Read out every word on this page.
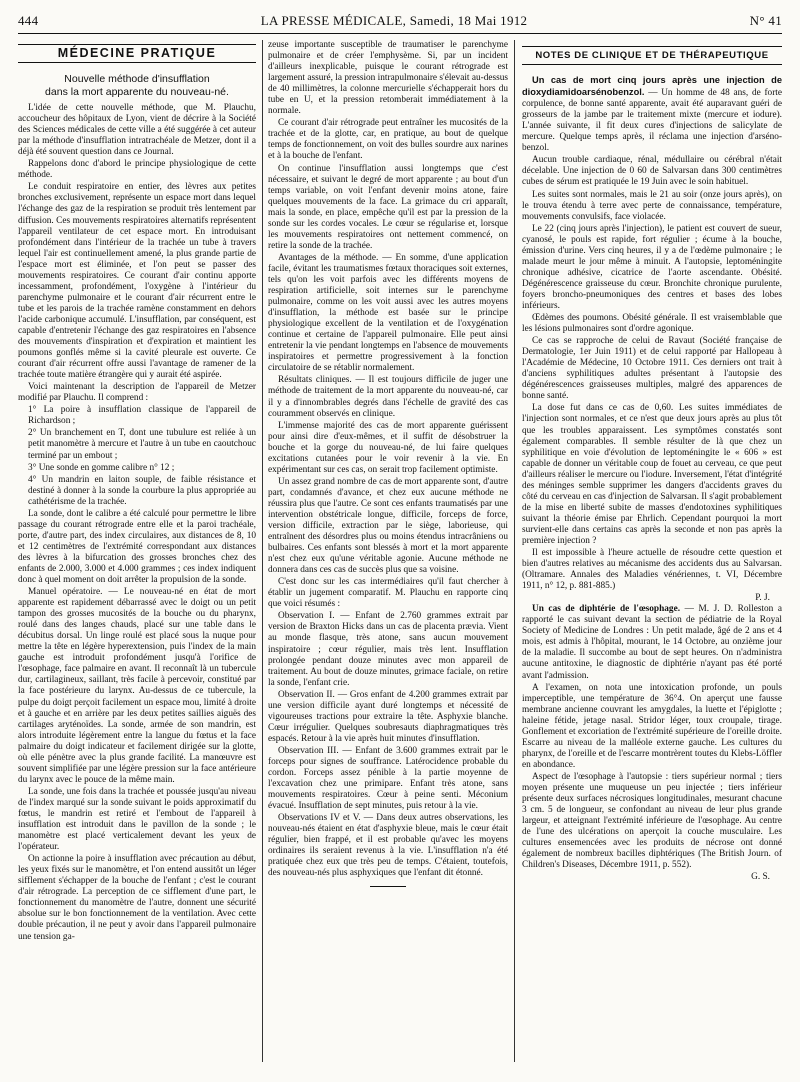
444	LA PRESSE MÉDICALE, Samedi, 18 Mai 1912	N° 41
MÉDECINE PRATIQUE
Nouvelle méthode d'insufflation
dans la mort apparente du nouveau-né.

L'idée de cette nouvelle méthode, que M. Plauchu, accoucheur des hôpitaux de Lyon, vient de décrire à la Société des Sciences médicales de cette ville a été suggérée à cet auteur par la méthode d'insufflation intratrachéale de Metzer, dont il a déjà été souvent question dans ce Journal.

Rappelons donc d'abord le principe physiologique de cette méthode.

Le conduit respiratoire en entier, des lèvres aux petites bronches exclusivement, représente un espace mort dans lequel l'échange des gaz de la respiration se produit très lentement par diffusion. Ces mouvements respiratoires alternatifs représentent l'appareil ventilateur de cet espace mort. En introduisant profondément dans l'intérieur de la trachée un tube à travers lequel l'air est continuellement amené, la plus grande partie de l'espace mort est éliminée, et l'on peut se passer des mouvements respiratoires. Ce courant d'air continu apporte incessamment, profondément, l'oxygène à l'intérieur du parenchyme pulmonaire et le courant d'air récurrent entre le tube et les parois de la trachée ramène constamment en dehors l'acide carbonique accumulé. L'insufflation, par conséquent, est capable d'entretenir l'échange des gaz respiratoires en l'absence des mouvements d'inspiration et d'expiration et maintient les poumons gonflés même si la cavité pleurale est ouverte. Ce courant d'air récurrent offre aussi l'avantage de ramener de la trachée toute matière étrangère qui y aurait été aspirée.

Voici maintenant la description de l'appareil de Metzer modifié par Plauchu. Il comprend :

1° La poire à insufflation classique de l'appareil de Richardson ;

2° Un branchement en T, dont une tubulure est reliée à un petit manomètre à mercure et l'autre à un tube en caoutchouc terminé par un embout ;

3° Une sonde en gomme calibre n° 12 ;

4° Un mandrin en laiton souple, de faible résistance et destiné à donner à la sonde la courbure la plus appropriée au cathétérisme de la trachée.

La sonde, dont le calibre a été calculé pour permettre le libre passage du courant rétrograde entre elle et la paroi trachéale, porte, d'autre part, des index circulaires, aux distances de 8, 10 et 12 centimètres de l'extrémité correspondant aux distances des lèvres à la bifurcation des grosses bronches chez des enfants de 2.000, 3.000 et 4.000 grammes ; ces index indiquent donc à quel moment on doit arrêter la propulsion de la sonde.

Manuel opératoire. — Le nouveau-né en état de mort apparente est rapidement débarrassé avec le doigt ou un petit tampon des grosses mucosités de la bouche ou du pharynx, roulé dans des langes chauds, placé sur une table dans le décubitus dorsal. Un linge roulé est placé sous la nuque pour mettre la tête en légère hyperextension, puis l'index de la main gauche est introduit profondément jusqu'à l'orifice de l'œsophage, face palmaire en avant. Il reconnaît là un tubercule dur, cartilagineux, saillant, très facile à percevoir, constitué par la face postérieure du larynx. Au-dessus de ce tubercule, la pulpe du doigt perçoit facilement un espace mou, limité à droite et à gauche et en arrière par les deux petites saillies aiguës des cartilages aryténoïdes. La sonde, armée de son mandrin, est alors introduite légèrement entre la langue du fœtus et la face palmaire du doigt indicateur et facilement dirigée sur la glotte, où elle pénètre avec la plus grande facilité. La manœuvre est souvent simplifiée par une légère pression sur la face antérieure du larynx avec le pouce de la même main.

La sonde, une fois dans la trachée et poussée jusqu'au niveau de l'index marqué sur la sonde suivant le poids approximatif du fœtus, le mandrin est retiré et l'embout de l'appareil à insufflation est introduit dans le pavillon de la sonde ; le manomètre est placé verticalement devant les yeux de l'opérateur.

On actionne la poire à insufflation avec précaution au début, les yeux fixés sur le manomètre, et l'on entend aussitôt un léger sifflement s'échapper de la bouche de l'enfant ; c'est le courant d'air rétrograde. La perception de ce sifflement d'une part, le fonctionnement du manomètre de l'autre, donnent une sécurité absolue sur le bon fonctionnement de la ventilation. Avec cette double précaution, il ne peut y avoir dans l'appareil pulmonaire une tension ga-

zeuse importante susceptible de traumatiser le parenchyme pulmonaire et de créer l'emphysème. Si, par un incident d'ailleurs inexplicable, puisque le courant rétrograde est largement assuré, la pression intrapulmonaire s'élevait au-dessus de 40 millimètres, la colonne mercurielle s'échapperait hors du tube en U, et la pression retomberait immédiatement à la normale.

Ce courant d'air rétrograde peut entraîner les mucosités de la trachée et de la glotte, car, en pratique, au bout de quelque temps de fonctionnement, on voit des bulles sourdre aux narines et à la bouche de l'enfant.

On continue l'insufflation aussi longtemps que c'est nécessaire, et suivant le degré de mort apparente ; au bout d'un temps variable, on voit l'enfant devenir moins atone, faire quelques mouvements de la face. La grimace du cri apparaît, mais la sonde, en place, empêche qu'il est par la pression de la sonde sur les cordes vocales. Le cœur se régularise et, lorsque les mouvements respiratoires ont nettement commencé, on retire la sonde de la trachée.

Avantages de la méthode. — En somme, d'une application facile, évitant les traumatismes fœtaux thoraciques soit externes, tels qu'on les voit parfois avec les différents moyens de respiration artificielle, soit internes sur le parenchyme pulmonaire, comme on les voit aussi avec les autres moyens d'insufflation, la méthode est basée sur le principe physiologique excellent de la ventilation et de l'oxygénation continue et certaine de l'appareil pulmonaire. Elle peut ainsi entretenir la vie pendant longtemps en l'absence de mouvements inspiratoires et permettre progressivement à la fonction circulatoire de se rétablir normalement.

Résultats cliniques. — Il est toujours difficile de juger une méthode de traitement de la mort apparente du nouveau-né, car il y a d'innombrables degrés dans l'échelle de gravité des cas couramment observés en clinique.

L'immense majorité des cas de mort apparente guérissent pour ainsi dire d'eux-mêmes, et il suffit de désobstruer la bouche et la gorge du nouveau-né, de lui faire quelques excitations cutanées pour le voir revenir à la vie. En expérimentant sur ces cas, on serait trop facilement optimiste.

Un assez grand nombre de cas de mort apparente sont, d'autre part, condamnés d'avance, et chez eux aucune méthode ne réussira plus que l'autre. Ce sont ces enfants traumatisés par une intervention obstétricale longue, difficile, forceps de force, version difficile, extraction par le siège, laborieuse, qui entraînent des désordres plus ou moins étendus intracrâniens ou bulbaires. Ces enfants sont blessés à mort et la mort apparente n'est chez eux qu'une véritable agonie. Aucune méthode ne donnera dans ces cas de succès plus que sa voisine.

C'est donc sur les cas intermédiaires qu'il faut chercher à établir un jugement comparatif. M. Plauchu en rapporte cinq que voici résumés :

Observation I. — Enfant de 2.760 grammes extrait par version de Braxton Hicks dans un cas de placenta prævia. Vient au monde flasque, très atone, sans aucun mouvement inspiratoire ; cœur régulier, mais très lent. Insufflation prolongée pendant douze minutes avec mon appareil de traitement. Au bout de douze minutes, grimace faciale, on retire la sonde, l'enfant crie.

Observation II. — Gros enfant de 4.200 grammes extrait par une version difficile ayant duré longtemps et nécessité de vigoureuses tractions pour extraire la tête. Asphyxie blanche. Cœur irrégulier. Quelques soubresauts diaphragmatiques très espacés. Retour à la vie après huit minutes d'insufflation.

Observation III. — Enfant de 3.600 grammes extrait par le forceps pour signes de souffrance. Latérocidence probable du cordon. Forceps assez pénible à la partie moyenne de l'excavation chez une primipare. Enfant très atone, sans mouvements respiratoires. Cœur à peine senti. Méconium évacué. Insufflation de sept minutes, puis retour à la vie.

Observations IV et V. — Dans deux autres observations, les nouveau-nés étaient en état d'asphyxie bleue, mais le cœur était régulier, bien frappé, et il est probable qu'avec les moyens ordinaires ils seraient revenus à la vie. L'insufflation n'a été pratiquée chez eux que très peu de temps. C'étaient, toutefois, des nouveau-nés plus asphyxiques que l'enfant dit étonné.

NOTES DE CLINIQUE ET DE THÉRAPEUTIQUE

Un cas de mort cinq jours après une injection de dioxydiamidoarsénobenzol. — Un homme de 48 ans, de forte corpulence, de bonne santé apparente, avait été auparavant guéri de grosseurs de la jambe par le traitement mixte (mercure et iodure). L'année suivante, il fit deux cures d'injections de salicylate de mercure. Quelque temps après, il réclama une injection d'arséno-benzol.

Aucun trouble cardiaque, rénal, médullaire ou cérébral n'était décelable. Une injection de 0 60 de Salvarsan dans 300 centimètres cubes de sérum est pratiquée le 19 Juin avec le soin habituel.

Les suites sont normales, mais le 21 au soir (onze jours après), on le trouva étendu à terre avec perte de connaissance, température, mouvements convulsifs, face violacée.

Le 22 (cinq jours après l'injection), le patient est couvert de sueur, cyanosé, le pouls est rapide, fort régulier ; écume à la bouche, émission d'urine. Vers cinq heures, il y a de l'œdème pulmonaire ; le malade meurt le jour même à minuit. A l'autopsie, leptoméningite chronique adhésive, cicatrice de l'aorte ascendante. Obésité. Dégénérescence graisseuse du cœur. Bronchite chronique purulente, foyers broncho-pneumoniques des centres et bases des lobes inférieurs.

Œdèmes des poumons. Obésité générale. Il est vraisemblable que les lésions pulmonaires sont d'ordre agonique.

Ce cas se rapproche de celui de Ravaut (Société française de Dermatologie, 1er Juin 1911) et de celui rapporté par Hallopeau à l'Académie de Médecine, 10 Octobre 1911. Ces derniers ont trait à d'anciens syphilitiques adultes présentant à l'autopsie des dégénérescences graisseuses multiples, malgré des apparences de bonne santé.

La dose fut dans ce cas de 0,60. Les suites immédiates de l'injection sont normales, et ce n'est que deux jours après au plus tôt que les troubles apparaissent. Les symptômes constatés sont également comparables. Il semble résulter de là que chez un syphilitique en voie d'évolution de leptoméningite le « 606 » est capable de donner un véritable coup de fouet au cerveau, ce que peut d'ailleurs réaliser le mercure ou l'iodure. Inversement, l'état d'intégrité des méninges semble supprimer les dangers d'accidents graves du côté du cerveau en cas d'injection de Salvarsan. Il s'agit probablement de la mise en liberté subite de masses d'endotoxines syphilitiques suivant la théorie émise par Ehrlich. Cependant pourquoi la mort survient-elle dans certains cas après la seconde et non pas après la première injection ?

Il est impossible à l'heure actuelle de résoudre cette question et bien d'autres relatives au mécanisme des accidents dus au Salvarsan. (Oltramare. Annales des Maladies vénériennes, t. VI, Décembre 1911, n° 12, p. 881-885.)

P. J.

Un cas de diphtérie de l'œsophage. — M. J. D. Rolleston a rapporté le cas suivant devant la section de pédiatrie de la Royal Society of Medicine de Londres : Un petit malade, âgé de 2 ans et 4 mois, est admis à l'hôpital, mourant, le 14 Octobre, au onzième jour de la maladie. Il succombe au bout de sept heures. On n'administra aucune antitoxine, le diagnostic de diphtérie n'ayant pas été porté avant l'admission.

A l'examen, on nota une intoxication profonde, un pouls imperceptible, une température de 36°4. On aperçut une fausse membrane ancienne couvrant les amygdales, la luette et l'épiglotte ; haleine fétide, jetage nasal. Stridor léger, toux croupale, tirage. Gonflement et excoriation de l'extrémité supérieure de l'oreille droite. Escarre au niveau de la malléole externe gauche. Les cultures du pharynx, de l'oreille et de l'escarre montrèrent toutes du Klebs-Löffler en abondance.

Aspect de l'œsophage à l'autopsie : tiers supérieur normal ; tiers moyen présente une muqueuse un peu injectée ; tiers inférieur présente deux surfaces nécrosiques longitudinales, mesurant chacune 3 cm. 5 de longueur, se confondant au niveau de leur plus grande largeur, et atteignant l'extrémité inférieure de l'œsophage. Au centre de l'une des ulcérations on aperçoit la couche musculaire. Les cultures ensemencées avec les produits de nécrose ont donné également de nombreux bacilles diphtériques (The British Journ. of Children's Diseases, Décembre 1911, p. 552).

G. S.
